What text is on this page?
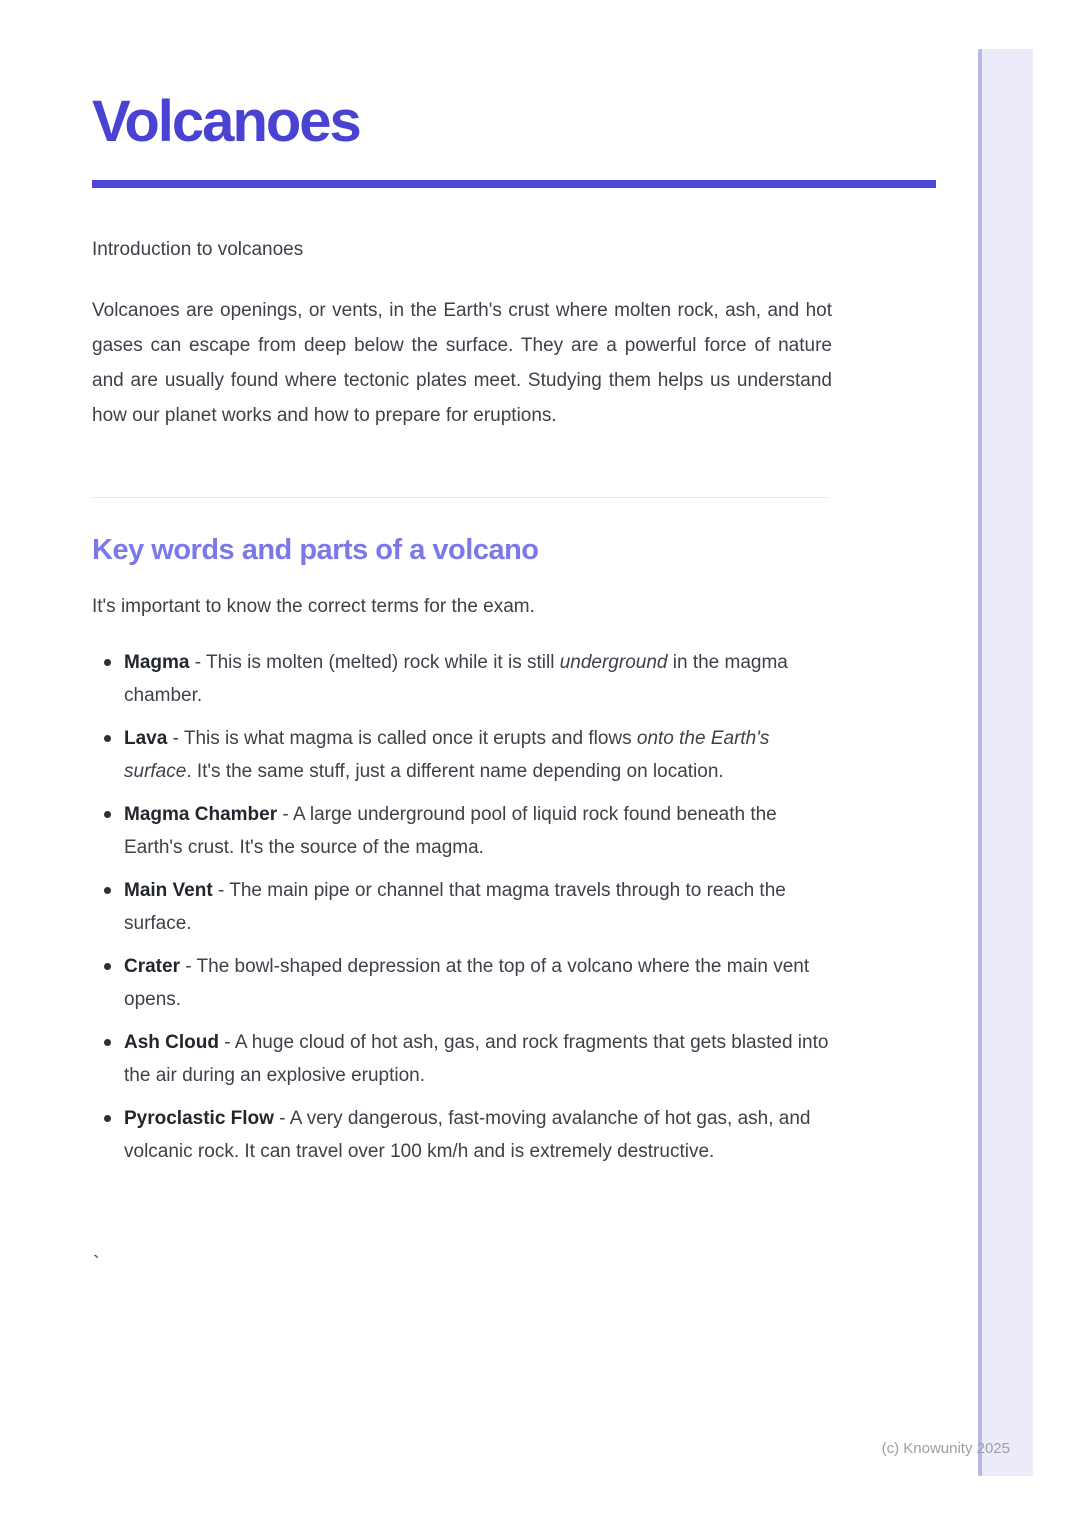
Volcanoes

Introduction to volcanoes

Volcanoes are openings, or vents, in the Earth's crust where molten rock, ash, and hot gases can escape from deep below the surface. They are a powerful force of nature and are usually found where tectonic plates meet. Studying them helps us understand how our planet works and how to prepare for eruptions.

Key words and parts of a volcano

It's important to know the correct terms for the exam.

Magma - This is molten (melted) rock while it is still underground in the magma chamber.
Lava - This is what magma is called once it erupts and flows onto the Earth's surface. It's the same stuff, just a different name depending on location.
Magma Chamber - A large underground pool of liquid rock found beneath the Earth's crust. It's the source of the magma.
Main Vent - The main pipe or channel that magma travels through to reach the surface.
Crater - The bowl-shaped depression at the top of a volcano where the main vent opens.
Ash Cloud - A huge cloud of hot ash, gas, and rock fragments that gets blasted into the air during an explosive eruption.
Pyroclastic Flow - A very dangerous, fast-moving avalanche of hot gas, ash, and volcanic rock. It can travel over 100 km/h and is extremely destructive.
`
(c) Knowunity 2025
